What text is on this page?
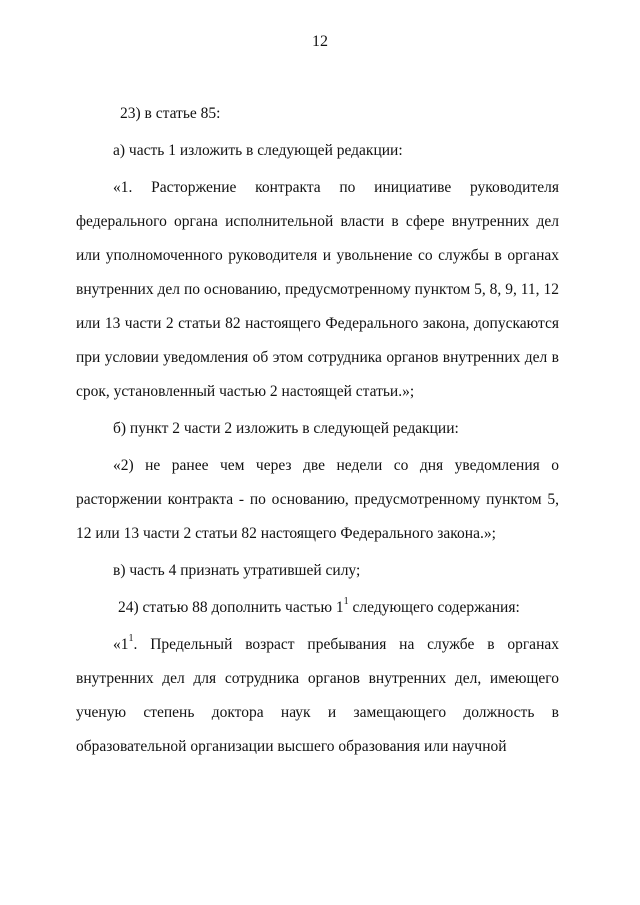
12

23) в статье 85:

а) часть 1 изложить в следующей редакции:

«1. Расторжение контракта по инициативе руководителя федерального органа исполнительной власти в сфере внутренних дел или уполномоченного руководителя и увольнение со службы в органах внутренних дел по основанию, предусмотренному пунктом 5, 8, 9, 11, 12 или 13 части 2 статьи 82 настоящего Федерального закона, допускаются при условии уведомления об этом сотрудника органов внутренних дел в срок, установленный частью 2 настоящей статьи.»;

б) пункт 2 части 2 изложить в следующей редакции:

«2) не ранее чем через две недели со дня уведомления о расторжении контракта - по основанию, предусмотренному пунктом 5, 12 или 13 части 2 статьи 82 настоящего Федерального закона.»;

в) часть 4 признать утратившей силу;

24) статью 88 дополнить частью $1^1$ следующего содержания:

«$1^1$. Предельный возраст пребывания на службе в органах внутренних дел для сотрудника органов внутренних дел, имеющего ученую степень доктора наук и замещающего должность в образовательной организации высшего образования или научной
